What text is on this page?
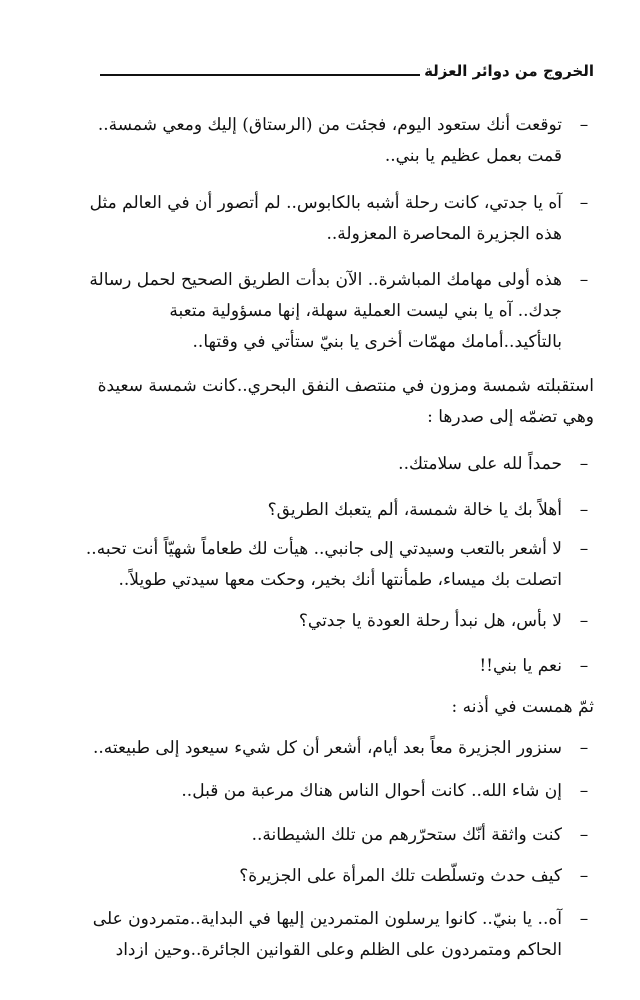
الخروج من دوائر العزلة
–
توقعت أنك ستعود اليوم، فجئت من (الرستاق) إليك ومعي شمسة..
قمت بعمل عظيم يا بني..
–
آه يا جدتي، كانت رحلة أشبه بالكابوس.. لم أتصور أن في العالم مثل
هذه الجزيرة المحاصرة المعزولة..
–
هذه أولى مهامك المباشرة.. الآن بدأت الطريق الصحيح لحمل رسالة
جدك.. آه يا بني ليست العملية سهلة، إنها مسؤولية متعبة
بالتأكيد..أمامك مهمّات أخرى يا بنيّ ستأتي في وقتها..
استقبلته شمسة ومزون في منتصف النفق البحري..كانت شمسة سعيدة
وهي تضمّه إلى صدرها :
–
حمداً لله على سلامتك..
–
أهلاً بك يا خالة شمسة، ألم يتعبك الطريق؟
–
لا أشعر بالتعب وسيدتي إلى جانبي.. هيأت لك طعاماً شهيّاً أنت تحبه..
اتصلت بك ميساء، طمأنتها أنك بخير، وحكت معها سيدتي طويلاً..
–
لا بأس، هل نبدأ رحلة العودة يا جدتي؟
–
نعم يا بني!!
ثمّ همست في أذنه :
–
سنزور الجزيرة معاً بعد أيام، أشعر أن كل شيء سيعود إلى طبيعته..
–
إن شاء الله.. كانت أحوال الناس هناك مرعبة من قبل..
–
كنت واثقة أنّك ستحرّرهم من تلك الشيطانة..
–
كيف حدث وتسلّطت تلك المرأة على الجزيرة؟
–
آه.. يا بنيّ.. كانوا يرسلون المتمردين إليها في البداية..متمردون على
الحاكم ومتمردون على الظلم وعلى القوانين الجائرة..وحين ازداد
